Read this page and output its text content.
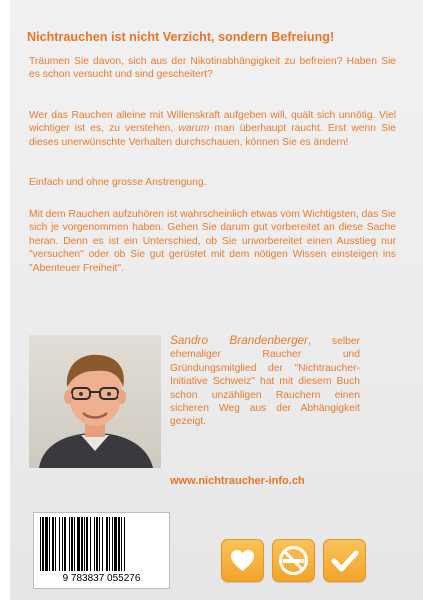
Nichtrauchen ist nicht Verzicht, sondern Befreiung!

Träumen Sie davon, sich aus der Nikotinabhängigkeit zu befreien? Haben Sie es schon versucht und sind gescheitert?

Wer das Rauchen alleine mit Willenskraft aufgeben will, quält sich unnötig. Viel wichtiger ist es, zu verstehen, warum man überhaupt raucht. Erst wenn Sie dieses unerwünschte Verhalten durchschauen, können Sie es ändern!

Einfach und ohne grosse Anstrengung.

Mit dem Rauchen aufzuhören ist wahrscheinlich etwas vom Wichtigsten, das Sie sich je vorgenommen haben. Gehen Sie darum gut vorbereitet an diese Sache heran. Denn es ist ein Unterschied, ob Sie unvorbereitet einen Ausstieg nur "versuchen" oder ob Sie gut gerüstet mit dem nötigen Wissen einsteigen ins "Abenteuer Freiheit".

Sandro Brandenberger, selber ehemaliger Raucher und Gründungsmitglied der "Nichtraucher-Initiative Schweiz" hat mit diesem Buch schon unzähligen Rauchern einen sicheren Weg aus der Abhängigkeit gezeigt.

www.nichtraucher-info.ch
9 783837 055276
